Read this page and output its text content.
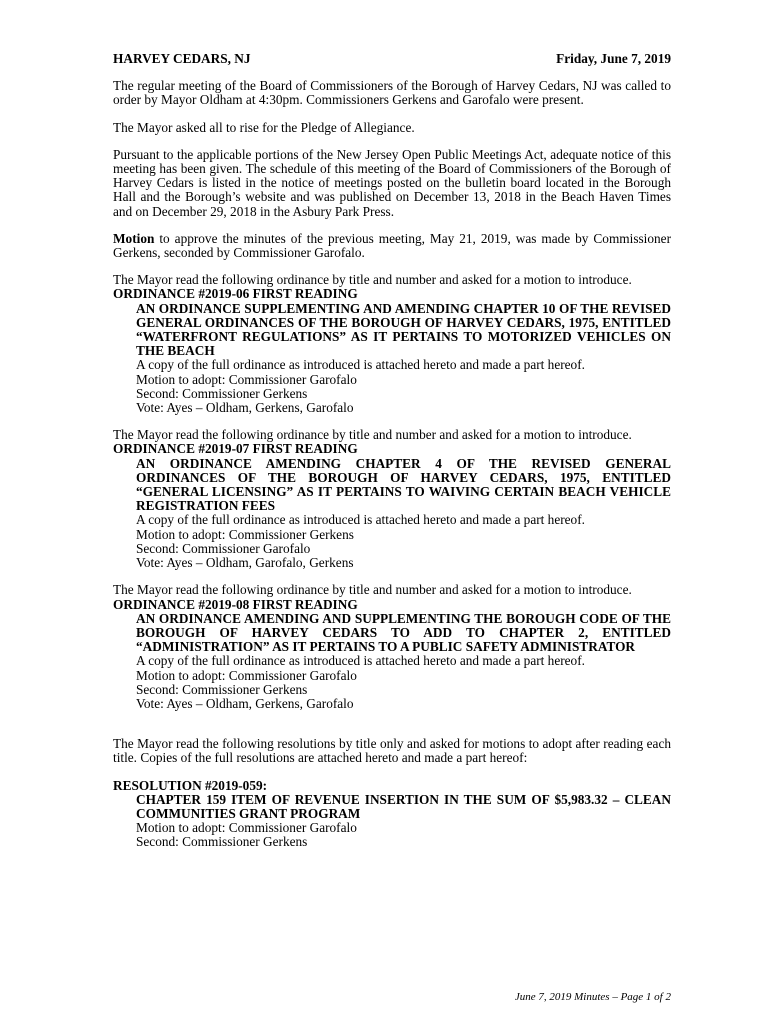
HARVEY CEDARS, NJ	Friday, June 7, 2019

The regular meeting of the Board of Commissioners of the Borough of Harvey Cedars, NJ was called to order by Mayor Oldham at 4:30pm. Commissioners Gerkens and Garofalo were present.

The Mayor asked all to rise for the Pledge of Allegiance.

Pursuant to the applicable portions of the New Jersey Open Public Meetings Act, adequate notice of this meeting has been given. The schedule of this meeting of the Board of Commissioners of the Borough of Harvey Cedars is listed in the notice of meetings posted on the bulletin board located in the Borough Hall and the Borough’s website and was published on December 13, 2018 in the Beach Haven Times and on December 29, 2018 in the Asbury Park Press.

Motion to approve the minutes of the previous meeting, May 21, 2019, was made by Commissioner Gerkens, seconded by Commissioner Garofalo.

The Mayor read the following ordinance by title and number and asked for a motion to introduce.

ORDINANCE #2019-06 FIRST READING

AN ORDINANCE SUPPLEMENTING AND AMENDING CHAPTER 10 OF THE REVISED GENERAL ORDINANCES OF THE BOROUGH OF HARVEY CEDARS, 1975, ENTITLED “WATERFRONT REGULATIONS” AS IT PERTAINS TO MOTORIZED VEHICLES ON THE BEACH

A copy of the full ordinance as introduced is attached hereto and made a part hereof.

Motion to adopt: Commissioner Garofalo

Second: Commissioner Gerkens

Vote: Ayes – Oldham, Gerkens, Garofalo

The Mayor read the following ordinance by title and number and asked for a motion to introduce.

ORDINANCE #2019-07 FIRST READING

AN ORDINANCE AMENDING CHAPTER 4 OF THE REVISED GENERAL ORDINANCES OF THE BOROUGH OF HARVEY CEDARS, 1975, ENTITLED “GENERAL LICENSING” AS IT PERTAINS TO WAIVING CERTAIN BEACH VEHICLE REGISTRATION FEES

A copy of the full ordinance as introduced is attached hereto and made a part hereof.

Motion to adopt: Commissioner Gerkens

Second: Commissioner Garofalo

Vote: Ayes – Oldham, Garofalo, Gerkens

The Mayor read the following ordinance by title and number and asked for a motion to introduce.

ORDINANCE #2019-08 FIRST READING

AN ORDINANCE AMENDING AND SUPPLEMENTING THE BOROUGH CODE OF THE BOROUGH OF HARVEY CEDARS TO ADD TO CHAPTER 2, ENTITLED “ADMINISTRATION” AS IT PERTAINS TO A PUBLIC SAFETY ADMINISTRATOR

A copy of the full ordinance as introduced is attached hereto and made a part hereof.

Motion to adopt: Commissioner Garofalo

Second: Commissioner Gerkens

Vote: Ayes – Oldham, Gerkens, Garofalo

The Mayor read the following resolutions by title only and asked for motions to adopt after reading each title. Copies of the full resolutions are attached hereto and made a part hereof:

RESOLUTION #2019-059:

CHAPTER 159 ITEM OF REVENUE INSERTION IN THE SUM OF $5,983.32 – CLEAN COMMUNITIES GRANT PROGRAM

Motion to adopt: Commissioner Garofalo

Second: Commissioner Gerkens

June 7, 2019 Minutes – Page 1 of 2
